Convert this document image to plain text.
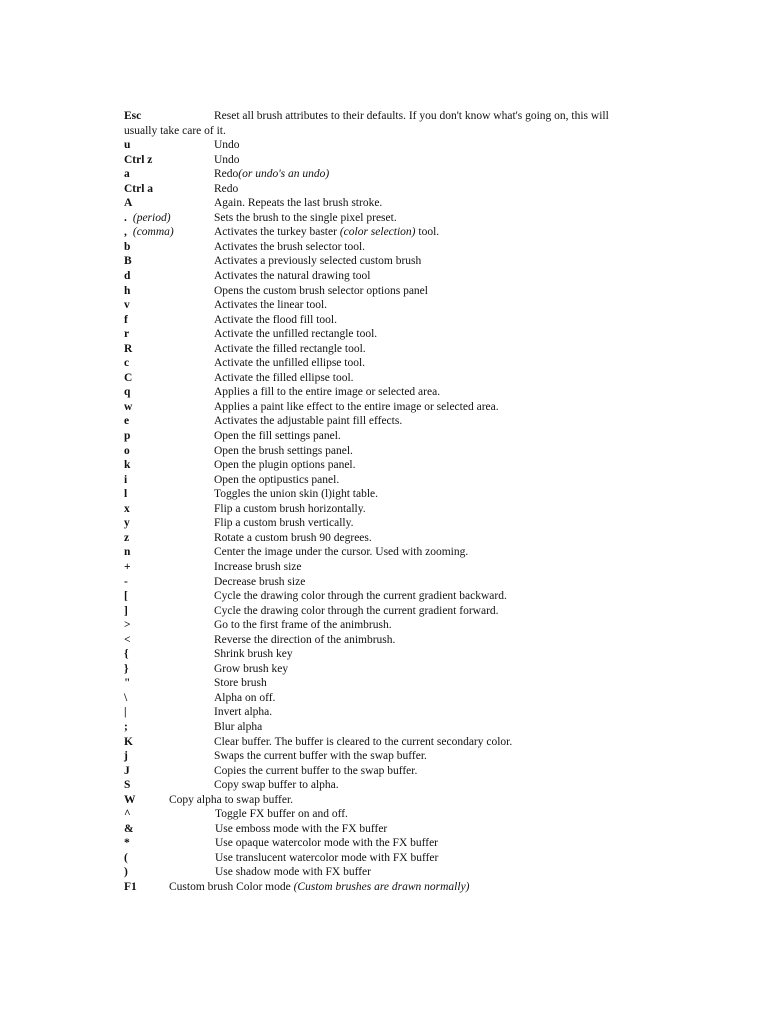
Esc	Reset all brush attributes to their defaults. If you don't know what's going on, this will
usually take care of it.
u	Undo
Ctrl z	Undo
a	Redo(or undo's an undo)
Ctrl a	Redo
A	Again. Repeats the last brush stroke.
. (period)	Sets the brush to the single pixel preset.
, (comma)	Activates the turkey baster (color selection) tool.
b	Activates the brush selector tool.
B	Activates a previously selected custom brush
d	Activates the natural drawing tool
h	Opens the custom brush selector options panel
v	Activates the linear tool.
f	Activate the flood fill tool.
r	Activate the unfilled rectangle tool.
R	Activate the filled rectangle tool.
c	Activate the unfilled ellipse tool.
C	Activate the filled ellipse tool.
q	Applies a fill to the entire image or selected area.
w	Applies a paint like effect to the entire image or selected area.
e	Activates the adjustable paint fill effects.
p	Open the fill settings panel.
o	Open the brush settings panel.
k	Open the plugin options panel.
i	Open the optipustics panel.
l	Toggles the union skin (l)ight table.
x	Flip a custom brush horizontally.
y	Flip a custom brush vertically.
z	Rotate a custom brush 90 degrees.
n	Center the image under the cursor. Used with zooming.
+	Increase brush size
-	Decrease brush size
[	Cycle the drawing color through the current gradient backward.
]	Cycle the drawing color through the current gradient forward.
>	Go to the first frame of the animbrush.
<	Reverse the direction of the animbrush.
{	Shrink brush key
}	Grow brush key
"	Store brush
\	Alpha on off.
|	Invert alpha.
;	Blur alpha
K	Clear buffer. The buffer is cleared to the current secondary color.
j	Swaps the current buffer with the swap buffer.
J	Copies the current buffer to the swap buffer.
S	Copy swap buffer to alpha.
W	Copy alpha to swap buffer.
^	Toggle FX buffer on and off.
&	Use emboss mode with the FX buffer
*	Use opaque watercolor mode with the FX buffer
(	Use translucent watercolor mode with FX buffer
)	Use shadow mode with FX buffer
F1	Custom brush Color mode (Custom brushes are drawn normally)
